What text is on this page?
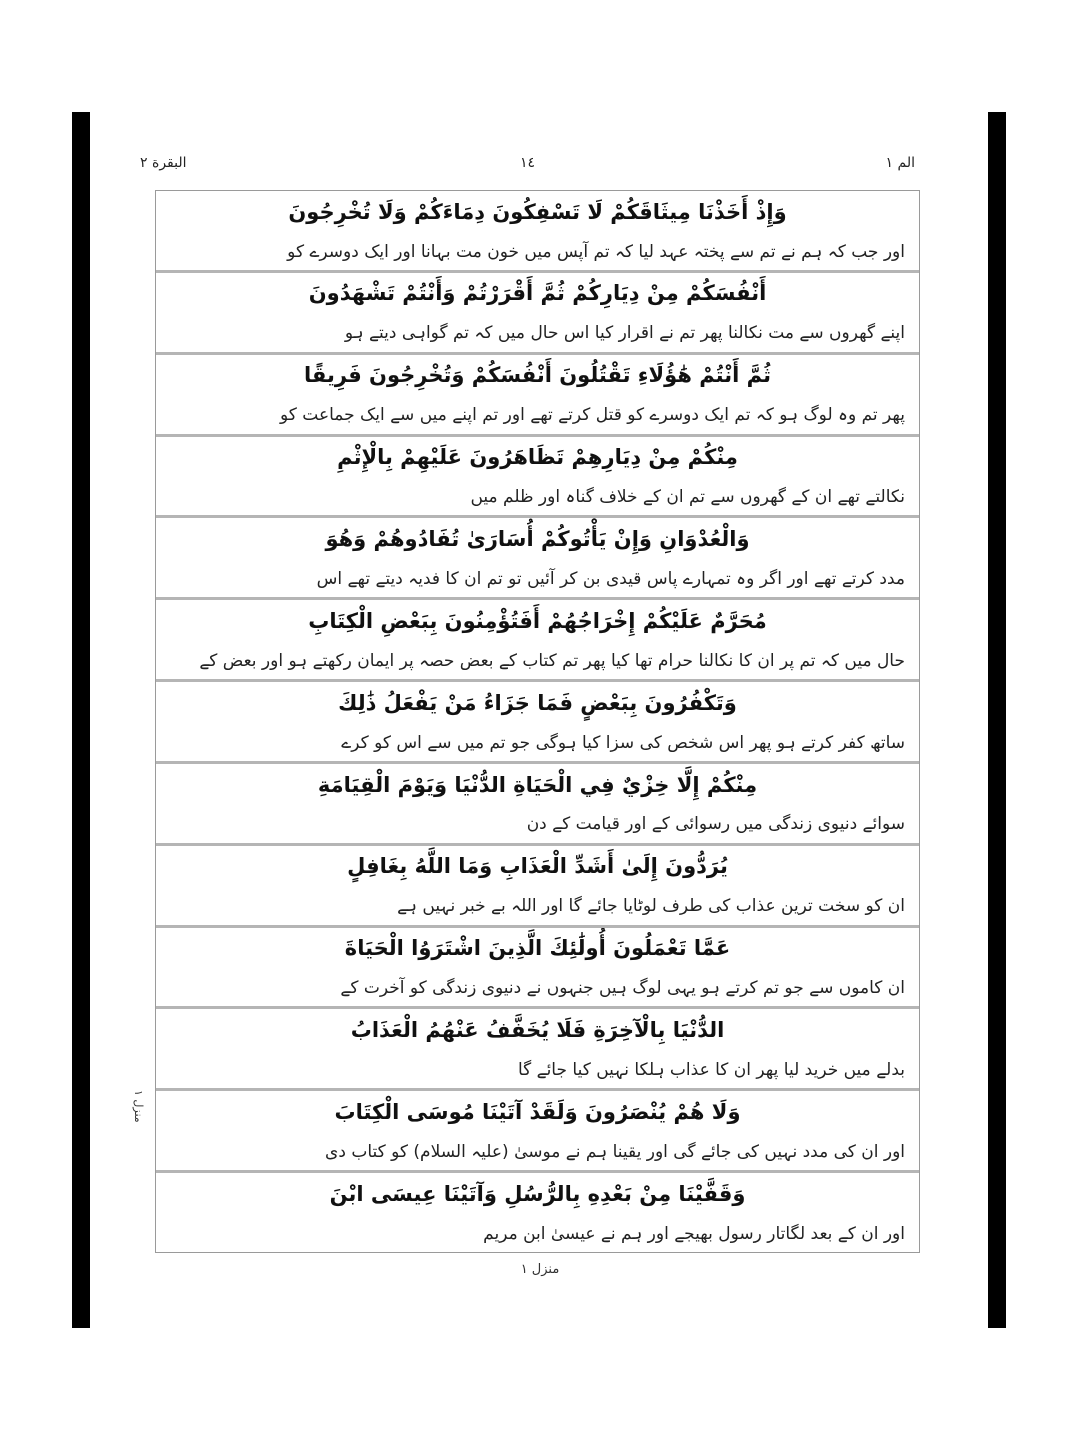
الم ١
١٤
البقرة ٢
منزل ١
وَإِذْ أَخَذْنَا مِيثَاقَكُمْ لَا تَسْفِكُونَ دِمَاءَكُمْ وَلَا تُخْرِجُونَ
اور جب کہ ہم نے تم سے پختہ عہد لیا کہ تم آپس میں خون مت بہانا اور ایک دوسرے کو
أَنْفُسَكُمْ مِنْ دِيَارِكُمْ ثُمَّ أَقْرَرْتُمْ وَأَنْتُمْ تَشْهَدُونَ
اپنے گھروں سے مت نکالنا پھر تم نے اقرار کیا اس حال میں کہ تم گواہی دیتے ہو
ثُمَّ أَنْتُمْ هَٰؤُلَاءِ تَقْتُلُونَ أَنْفُسَكُمْ وَتُخْرِجُونَ فَرِيقًا
پھر تم وہ لوگ ہو کہ تم ایک دوسرے کو قتل کرتے تھے اور تم اپنے میں سے ایک جماعت کو
مِنْكُمْ مِنْ دِيَارِهِمْ تَظَاهَرُونَ عَلَيْهِمْ بِالْإِثْمِ
نکالتے تھے ان کے گھروں سے تم ان کے خلاف گناہ اور ظلم میں
وَالْعُدْوَانِ وَإِنْ يَأْتُوكُمْ أُسَارَىٰ تُفَادُوهُمْ وَهُوَ
مدد کرتے تھے اور اگر وہ تمہارے پاس قیدی بن کر آئیں تو تم ان کا فدیہ دیتے تھے اس
مُحَرَّمٌ عَلَيْكُمْ إِخْرَاجُهُمْ أَفَتُؤْمِنُونَ بِبَعْضِ الْكِتَابِ
حال میں کہ تم پر ان کا نکالنا حرام تھا کیا پھر تم کتاب کے بعض حصہ پر ایمان رکھتے ہو اور بعض کے
وَتَكْفُرُونَ بِبَعْضٍ فَمَا جَزَاءُ مَنْ يَفْعَلُ ذَٰلِكَ
ساتھ کفر کرتے ہو پھر اس شخص کی سزا کیا ہوگی جو تم میں سے اس کو کرے
مِنْكُمْ إِلَّا خِزْيٌ فِي الْحَيَاةِ الدُّنْيَا وَيَوْمَ الْقِيَامَةِ
سوائے دنیوی زندگی میں رسوائی کے اور قیامت کے دن
يُرَدُّونَ إِلَىٰ أَشَدِّ الْعَذَابِ وَمَا اللَّهُ بِغَافِلٍ
ان کو سخت ترین عذاب کی طرف لوٹایا جائے گا اور اللہ بے خبر نہیں ہے
عَمَّا تَعْمَلُونَ أُولَٰئِكَ الَّذِينَ اشْتَرَوُا الْحَيَاةَ
ان کاموں سے جو تم کرتے ہو یہی لوگ ہیں جنہوں نے دنیوی زندگی کو آخرت کے
الدُّنْيَا بِالْآخِرَةِ فَلَا يُخَفَّفُ عَنْهُمُ الْعَذَابُ
بدلے میں خرید لیا پھر ان کا عذاب ہلکا نہیں کیا جائے گا
وَلَا هُمْ يُنْصَرُونَ وَلَقَدْ آتَيْنَا مُوسَى الْكِتَابَ
اور ان کی مدد نہیں کی جائے گی اور یقینا ہم نے موسیٰ (علیہ السلام) کو کتاب دی
وَقَفَّيْنَا مِنْ بَعْدِهِ بِالرُّسُلِ وَآتَيْنَا عِيسَى ابْنَ
اور ان کے بعد لگاتار رسول بھیجے اور ہم نے عیسیٰ ابن مریم
منزل ١
